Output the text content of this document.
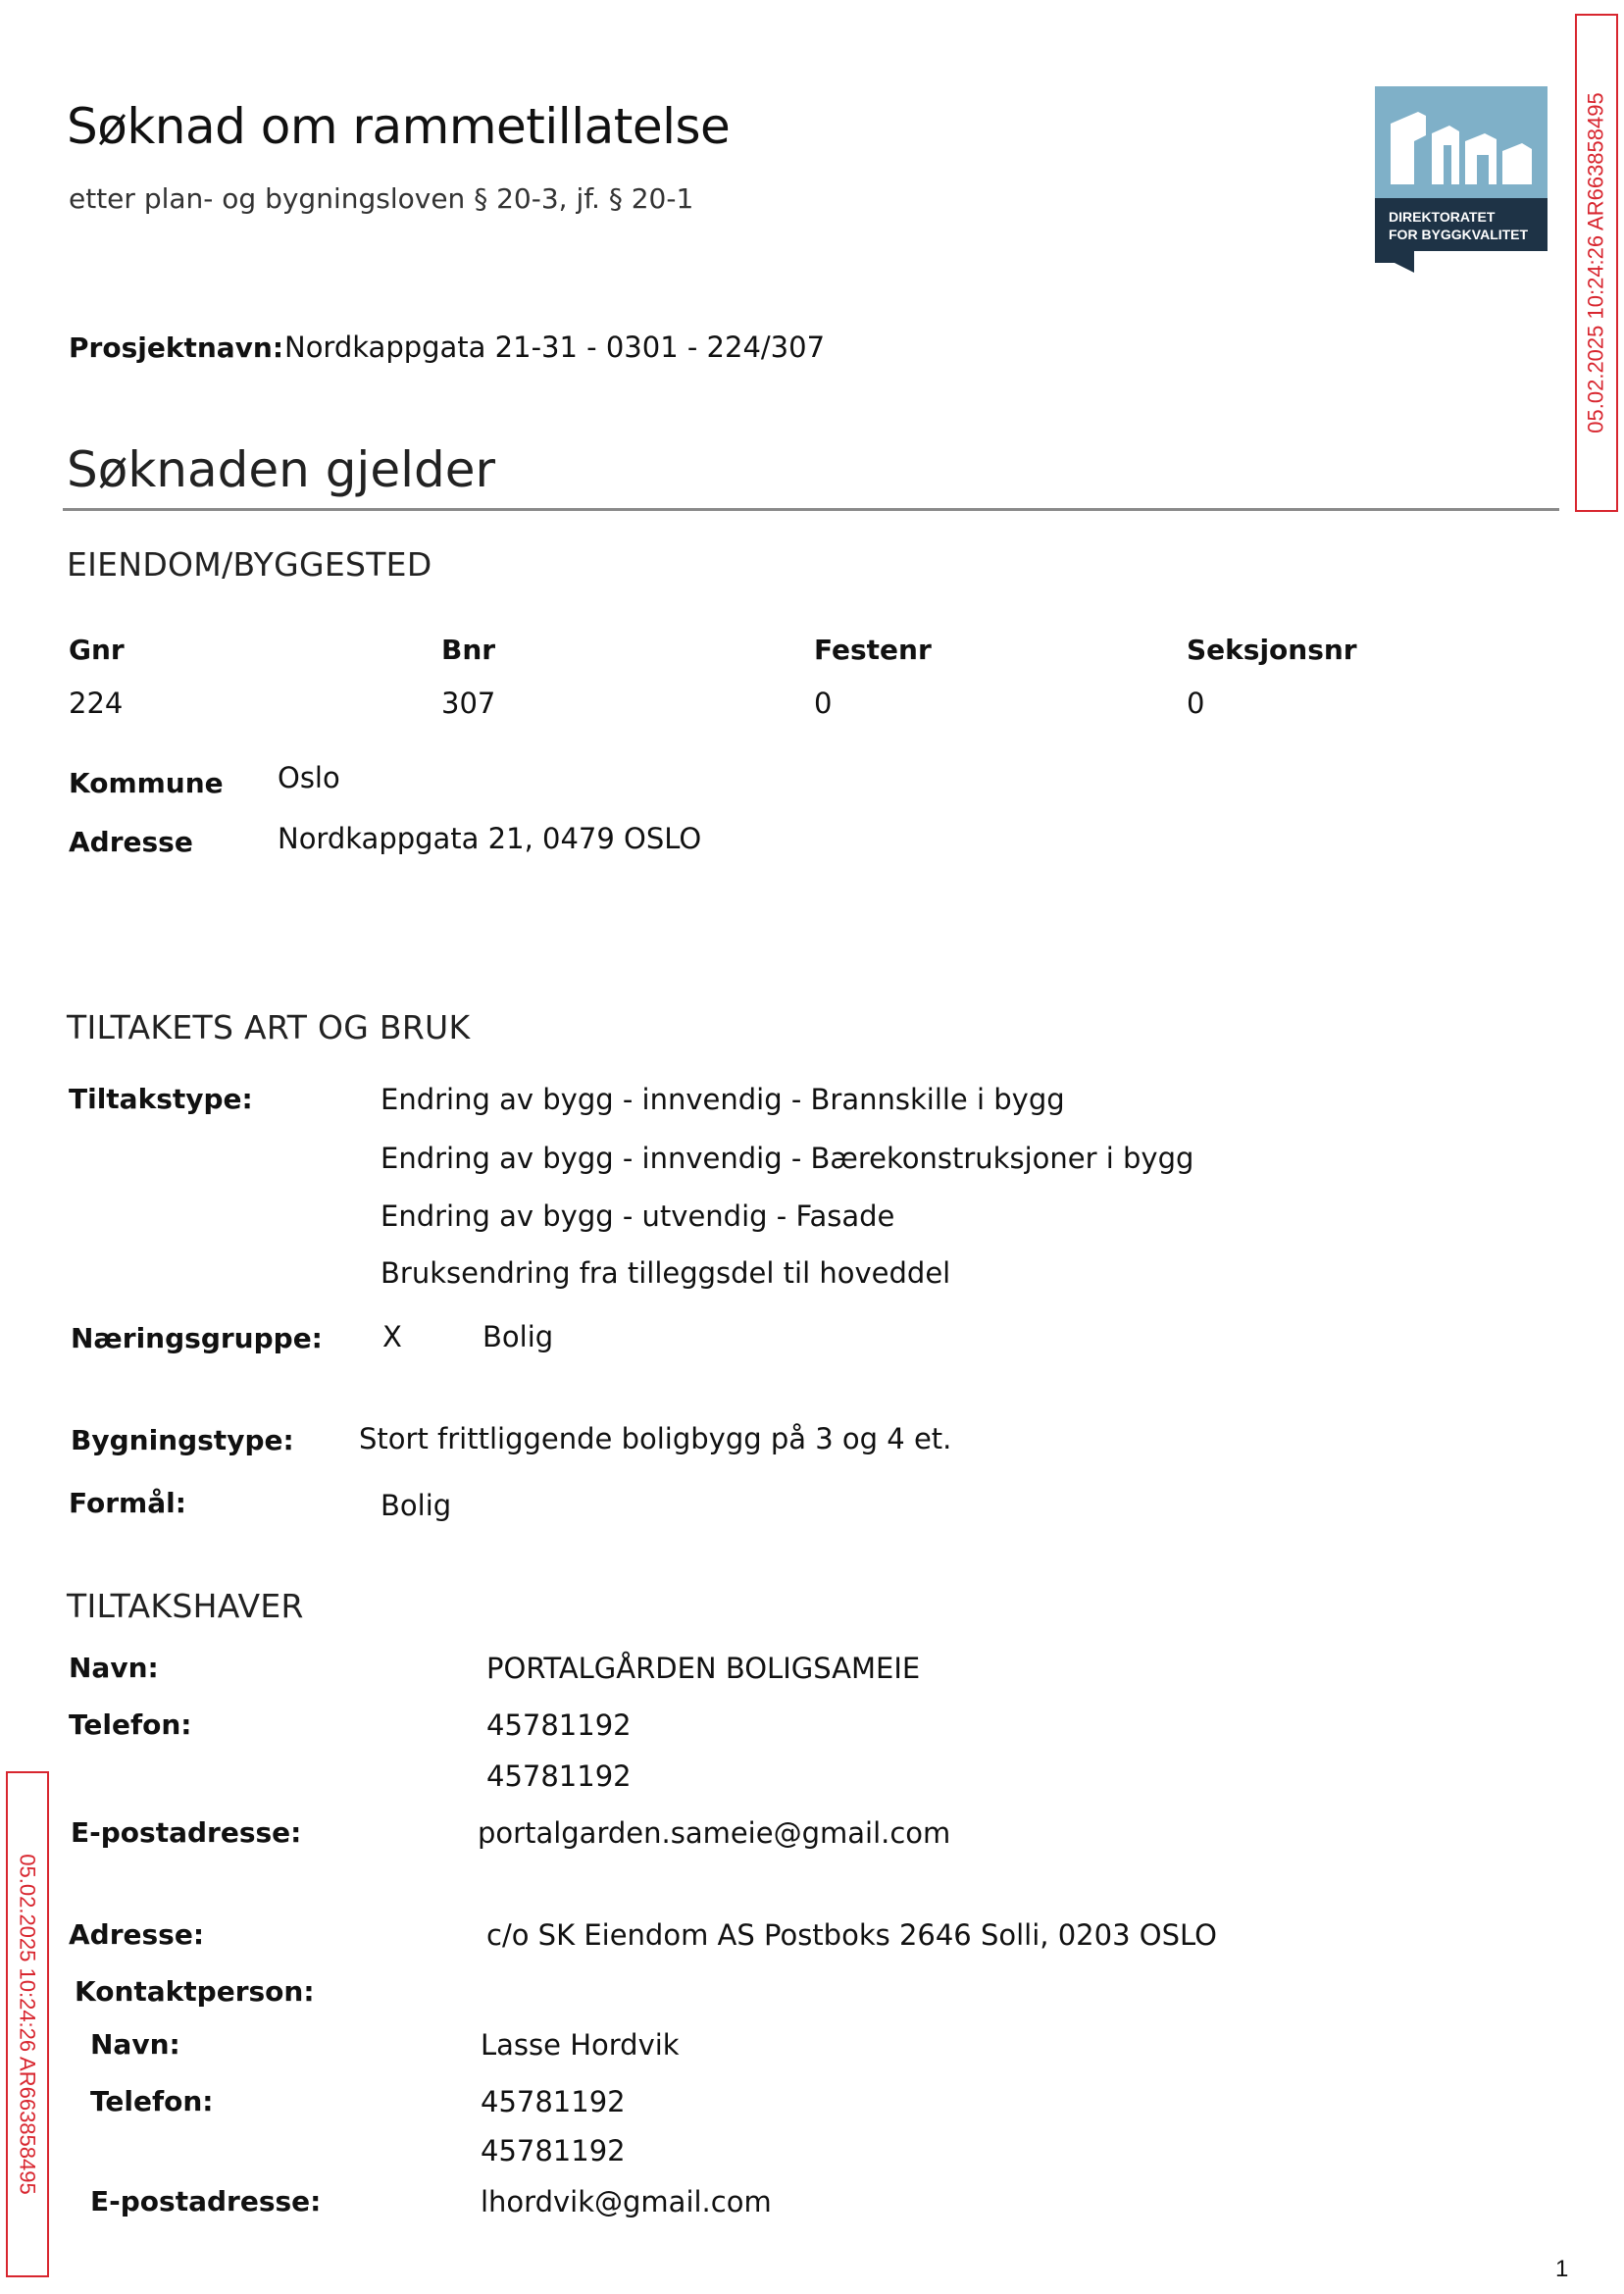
Søknad om rammetillatelse
etter plan- og bygningsloven § 20-3, jf. § 20-1
Prosjektnavn: Nordkappgata 21-31 - 0301 - 224/307
DIREKTORATET
FOR BYGGKVALITET	05.02.2025 10:24:26 AR663858495
Søknaden gjelder
EIENDOM/BYGGESTED
Gnr	Bnr	Festenr	Seksjonsnr
224	307	0	0
Kommune Oslo
Adresse	Nordkappgata 21, 0479 OSLO
TILTAKETS ART OG BRUK
Tiltakstype:	Endring av bygg - innvendig - Brannskille i bygg
Endring av bygg - innvendig - Bærekonstruksjoner i bygg
Endring av bygg - utvendig - Fasade
Bruksendring fra tilleggsdel til hoveddel
Næringsgruppe: X	Bolig
Bygningstype: Stort frittliggende boligbygg på 3 og 4 et.
Formål:	Bolig
TILTAKSHAVER
Navn:	PORTALGÅRDEN BOLIGSAMEIE
Telefon:	45781192
45781192
E-postadresse:	portalgarden.sameie@gmail.com
Adresse:	c/o SK Eiendom AS Postboks 2646 Solli, 0203 OSLO
Kontaktperson:
Navn:	Lasse Hordvik
Telefon:	45781192
45781192
E-postadresse:	lhordvik@gmail.com
05.02.2025 10:24:26 AR663858495
1
